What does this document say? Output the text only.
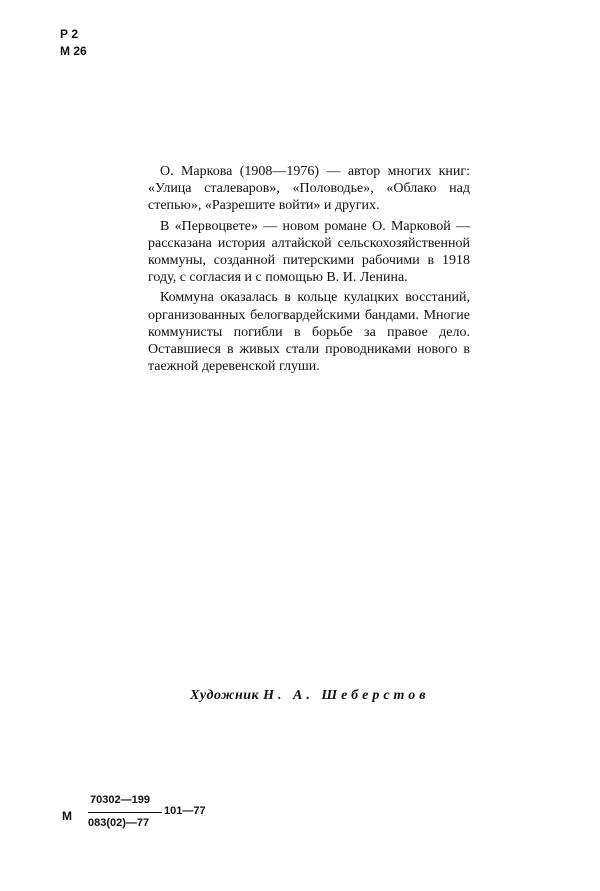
Р 2
М 26

О. Маркова (1908—1976) — автор многих книг: «Улица сталеваров», «Половодье», «Облако над степью», «Разрешите войти» и других.

В «Первоцвете» — новом романе О. Марковой — рассказана история алтайской сельскохозяйственной коммуны, созданной питерскими рабочими в 1918 году, с согласия и с помощью В. И. Ленина.

Коммуна оказалась в кольце кулацких восстаний, организованных белогвардейскими бандами. Многие коммунисты погибли в борьбе за правое дело. Оставшиеся в живых стали проводниками нового в таежной деревенской глуши.

Художник Н. А. Шеберстов
М
70302—199
101—77
083(02)—77
